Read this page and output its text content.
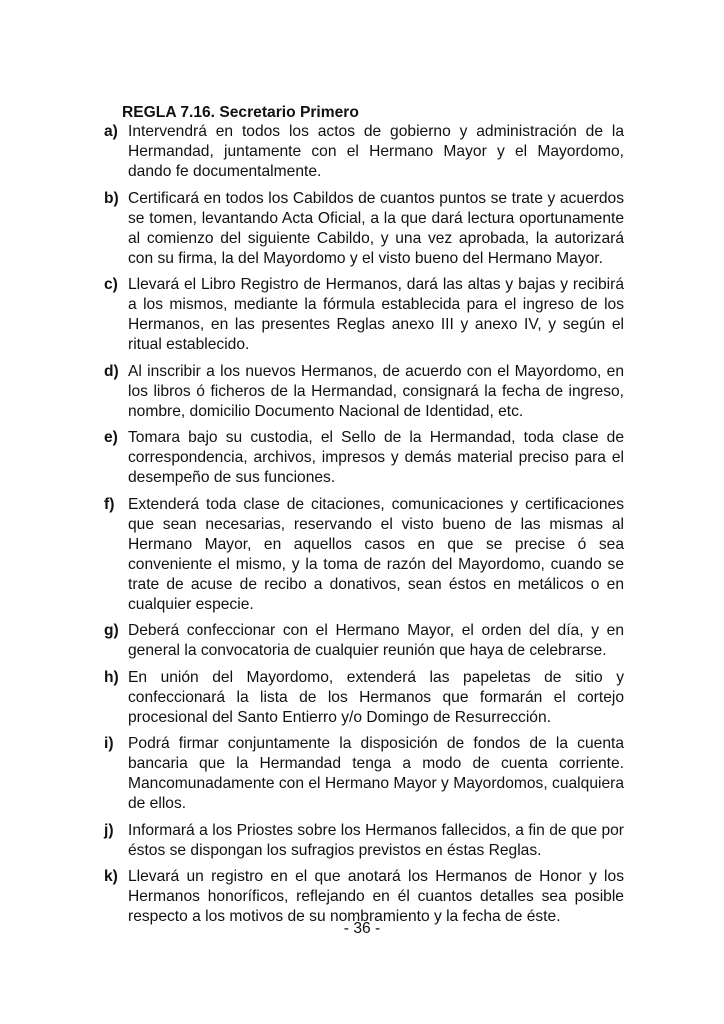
REGLA 7.16. Secretario Primero
a) Intervendrá en todos los actos de gobierno y administración de la Hermandad, juntamente con el Hermano Mayor y el Mayordomo, dando fe documentalmente.

b) Certificará en todos los Cabildos de cuantos puntos se trate y acuerdos se tomen, levantando Acta Oficial, a la que dará lectura oportunamente al comienzo del siguiente Cabildo, y una vez aprobada, la autorizará con su firma, la del Mayordomo y el visto bueno del Hermano Mayor.

c) Llevará el Libro Registro de Hermanos, dará las altas y bajas y recibirá a los mismos, mediante la fórmula establecida para el ingreso de los Hermanos, en las presentes Reglas anexo III y anexo IV, y según el ritual establecido.

d) Al inscribir a los nuevos Hermanos, de acuerdo con el Mayordomo, en los libros ó ficheros de la Hermandad, consignará la fecha de ingreso, nombre, domicilio Documento Nacional de Identidad, etc.

e) Tomara bajo su custodia, el Sello de la Hermandad, toda clase de correspondencia, archivos, impresos y demás material preciso para el desempeño de sus funciones.

f) Extenderá toda clase de citaciones, comunicaciones y certificaciones que sean necesarias, reservando el visto bueno de las mismas al Hermano Mayor, en aquellos casos en que se precise ó sea conveniente el mismo, y la toma de razón del Mayordomo, cuando se trate de acuse de recibo a donativos, sean éstos en metálicos o en cualquier especie.

g) Deberá confeccionar con el Hermano Mayor, el orden del día, y en general la convocatoria de cualquier reunión que haya de celebrarse.

h) En unión del Mayordomo, extenderá las papeletas de sitio y confeccionará la lista de los Hermanos que formarán el cortejo procesional del Santo Entierro y/o Domingo de Resurrección.

i) Podrá firmar conjuntamente la disposición de fondos de la cuenta bancaria que la Hermandad tenga a modo de cuenta corriente. Mancomunadamente con el Hermano Mayor y Mayordomos, cualquiera de ellos.

j) Informará a los Priostes sobre los Hermanos fallecidos, a fin de que por éstos se dispongan los sufragios previstos en éstas Reglas.

k) Llevará un registro en el que anotará los Hermanos de Honor y los Hermanos honoríficos, reflejando en él cuantos detalles sea posible respecto a los motivos de su nombramiento y la fecha de éste.

- 36 -
